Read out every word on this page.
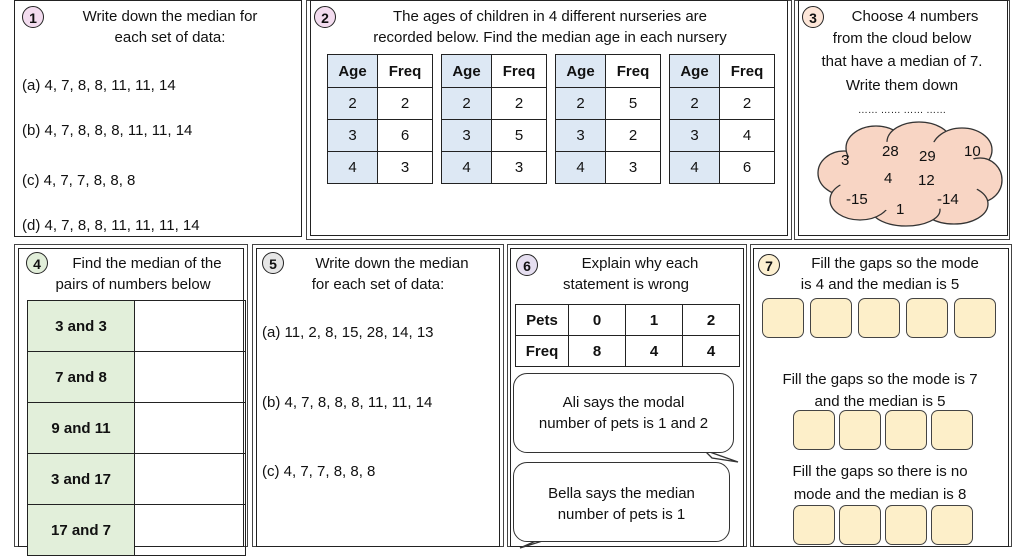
1	Write down the median for
each set of data:
(a) 4, 7, 8, 8, 11, 11, 14
(b) 4, 7, 8, 8, 8, 11, 11, 14
(c) 4, 7, 7, 8, 8, 8
(d) 4, 7, 8, 8, 11, 11, 11, 14
2	The ages of children in 4 different nurseries are
recorded below. Find the median age in each nursery
Age	Freq
2	2
3	6
4	3
Age	Freq
2	2
3	5
4	3
Age	Freq
2	5
3	2
4	3
Age	Freq
2	2
3	4
4	6
3	Choose 4 numbers
from the cloud below
that have a median of 7.
Write them down
…… …… …… ……
3
28 29 10
4 12
-15
1
-14
4	Find the median of the
pairs of numbers below
3 and 3	
7 and 8	
9 and 11	
3 and 17	
17 and 7	
5	Write down the median
for each set of data:
(a) 11, 2, 8, 15, 28, 14, 13
(b) 4, 7, 8, 8, 8, 11, 11, 14
(c) 4, 7, 7, 8, 8, 8
6	Explain why each
statement is wrong
Pets	0	1	2
Freq	8	4	4
Ali says the modal
number of pets is 1 and 2
Bella says the median
number of pets is 1
7	Fill the gaps so the mode
is 4 and the median is 5
Fill the gaps so the mode is 7
and the median is 5
Fill the gaps so there is no
mode and the median is 8
